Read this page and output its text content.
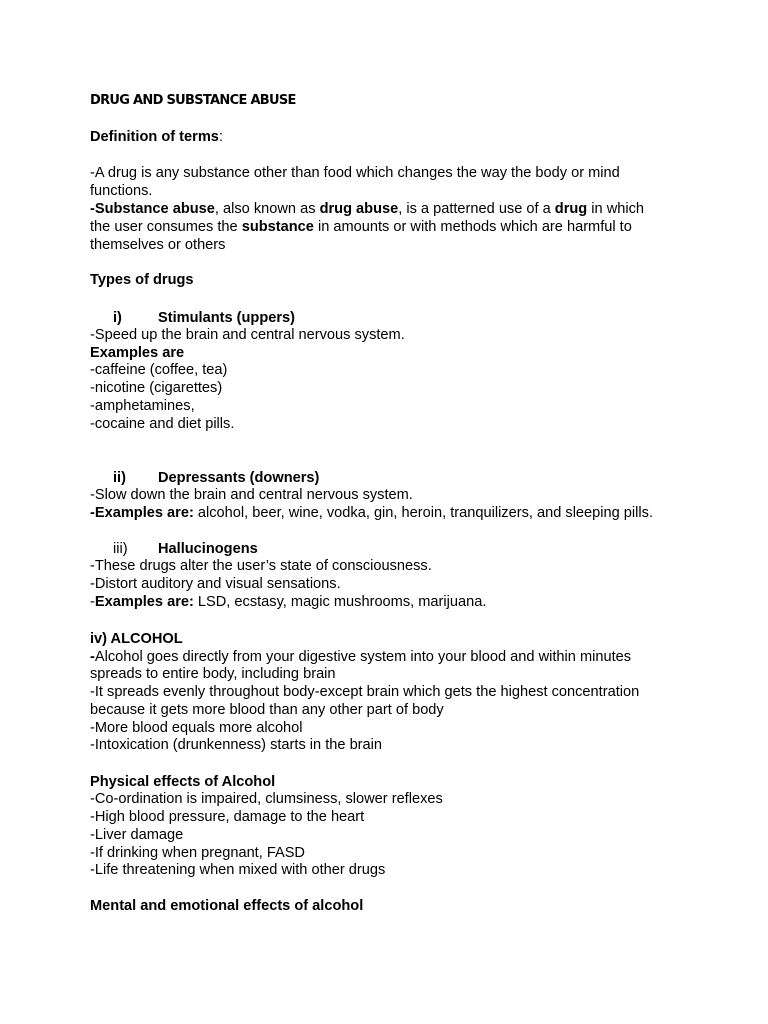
DRUG AND SUBSTANCE ABUSE
Definition of terms:
-A drug is any substance other than food which changes the way the body or mind
functions.
-Substance abuse, also known as drug abuse, is a patterned use of a drug in which
the user consumes the substance in amounts or with methods which are harmful to
themselves or others
Types of drugs
i) Stimulants (uppers)
-Speed up the brain and central nervous system.
Examples are
-caffeine (coffee, tea)
-nicotine (cigarettes)
-amphetamines,
-cocaine and diet pills.
ii) Depressants (downers)
-Slow down the brain and central nervous system.
-Examples are: alcohol, beer, wine, vodka, gin, heroin, tranquilizers, and sleeping pills.
iii) Hallucinogens
-These drugs alter the user’s state of consciousness.
-Distort auditory and visual sensations.
-Examples are: LSD, ecstasy, magic mushrooms, marijuana.
iv) ALCOHOL
-Alcohol goes directly from your digestive system into your blood and within minutes
spreads to entire body, including brain
-It spreads evenly throughout body-except brain which gets the highest concentration
because it gets more blood than any other part of body
-More blood equals more alcohol
-Intoxication (drunkenness) starts in the brain
Physical effects of Alcohol
-Co-ordination is impaired, clumsiness, slower reflexes
-High blood pressure, damage to the heart
-Liver damage
-If drinking when pregnant, FASD
-Life threatening when mixed with other drugs
Mental and emotional effects of alcohol
